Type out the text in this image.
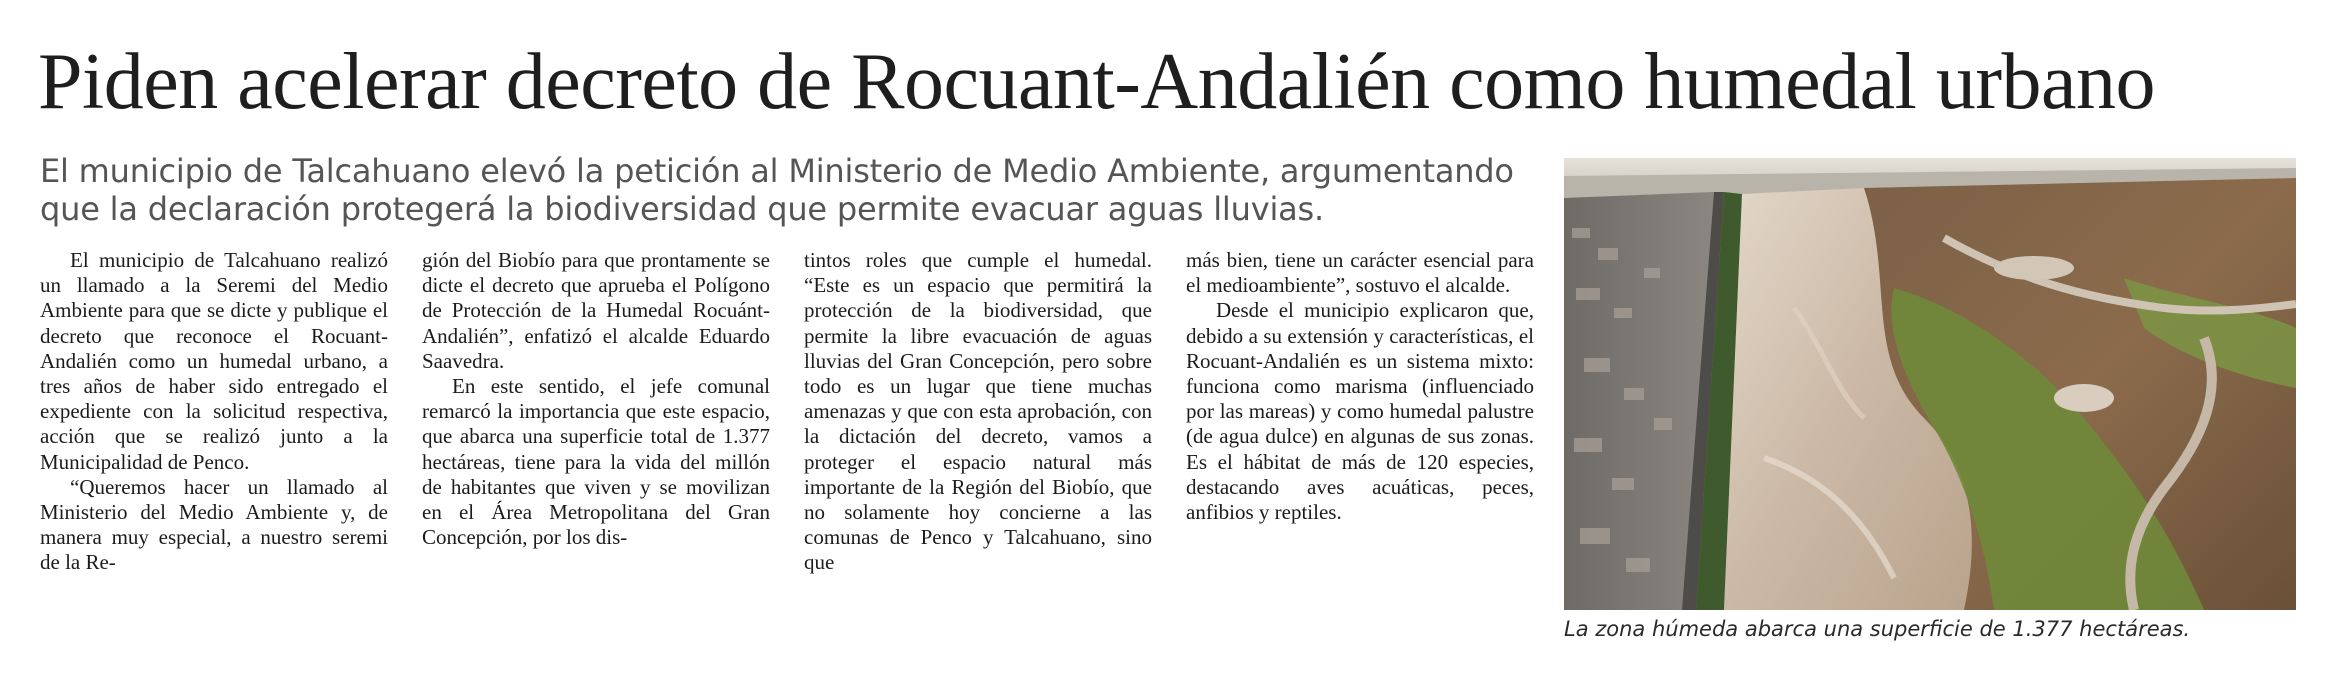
Piden acelerar decreto de Rocuant-Andalién como humedal urbano
El municipio de Talcahuano elevó la petición al Ministerio de Medio Ambiente, argumentando
que la declaración protegerá la biodiversidad que permite evacuar aguas lluvias.

El municipio de Talcahuano realizó un llamado a la Seremi del Medio Ambiente para que se dicte y publique el decreto que reconoce el Rocuant-Andalién como un humedal urbano, a tres años de haber sido entregado el expediente con la solicitud respectiva, acción que se realizó junto a la Municipalidad de Penco.

“Queremos hacer un llamado al Ministerio del Medio Ambiente y, de manera muy especial, a nuestro seremi de la Re-

gión del Biobío para que prontamente se dicte el decreto que aprueba el Polígono de Protección de la Humedal Rocuánt-Andalién”, enfatizó el alcalde Eduardo Saavedra.

En este sentido, el jefe comunal remarcó la importancia que este espacio, que abarca una superficie total de 1.377 hectáreas, tiene para la vida del millón de habitantes que viven y se movilizan en el Área Metropolitana del Gran Concepción, por los dis-

tintos roles que cumple el humedal. “Este es un espacio que permitirá la protección de la biodiversidad, que permite la libre evacuación de aguas lluvias del Gran Concepción, pero sobre todo es un lugar que tiene muchas amenazas y que con esta aprobación, con la dictación del decreto, vamos a proteger el espacio natural más importante de la Región del Biobío, que no solamente hoy concierne a las comunas de Penco y Talcahuano, sino que

más bien, tiene un carácter esencial para el medioambiente”, sostuvo el alcalde.

Desde el municipio explicaron que, debido a su extensión y características, el Rocuant-Andalién es un sistema mixto: funciona como marisma (influenciado por las mareas) y como humedal palustre (de agua dulce) en algunas de sus zonas. Es el hábitat de más de 120 especies, destacando aves acuáticas, peces, anfibios y reptiles.

La zona húmeda abarca una superficie de 1.377 hectáreas.
